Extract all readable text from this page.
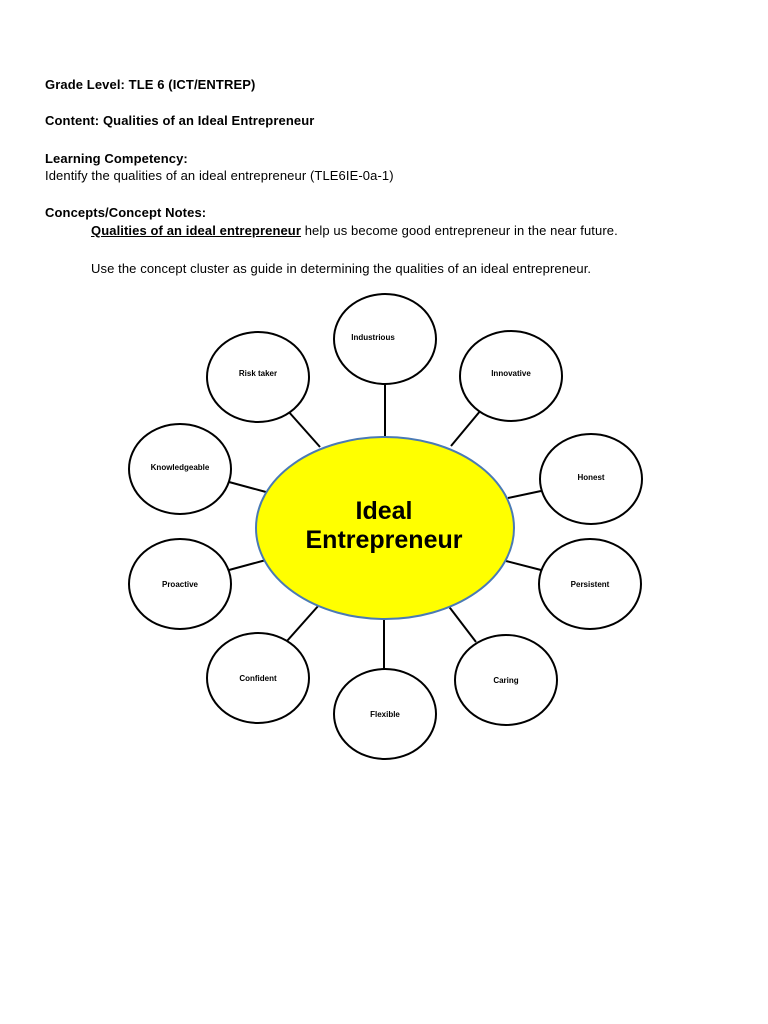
Grade Level: TLE 6 (ICT/ENTREP)
Content: Qualities of an Ideal Entrepreneur
Learning Competency:
Identify the qualities of an ideal entrepreneur (TLE6IE-0a-1)
Concepts/Concept Notes:
Qualities of an ideal entrepreneur help us become good entrepreneur in the near future.
Use the concept cluster as guide in determining the qualities of an ideal entrepreneur.
Industrious
Risk taker	Innovative
Knowledgeable
Honest
Proactive	Persistent
Confident	Caring
Flexible
Ideal
Entrepreneur
